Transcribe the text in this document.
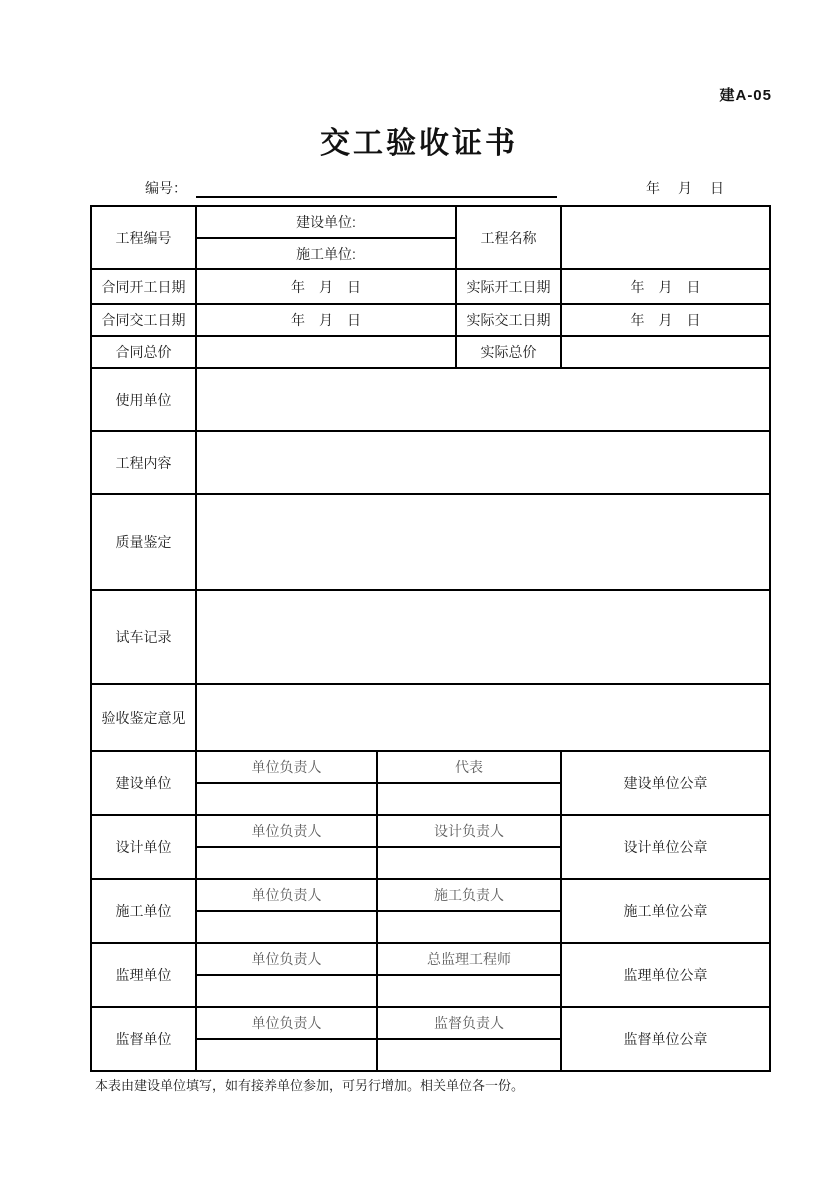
建A-05
交工验收证书
编号：	年　月　日
工程编号	建设单位:		工程名称	
	施工单位:			
合同开工日期	年　月　日		实际开工日期	年　月　日
合同交工日期	年　月　日		实际交工日期	年　月　日
合同总价			实际总价	
使用单位				
工程内容				
质量鉴定				
试车记录				
验收鉴定意见				
建设单位	单位负责人	代表		建设单位公章

设计单位	单位负责人	设计负责人		设计单位公章

施工单位	单位负责人	施工负责人		施工单位公章

监理单位	单位负责人	总监理工程师		监理单位公章

监督单位	单位负责人	监督负责人		监督单位公章

本表由建设单位填写，如有接养单位参加，可另行增加。相关单位各一份。
